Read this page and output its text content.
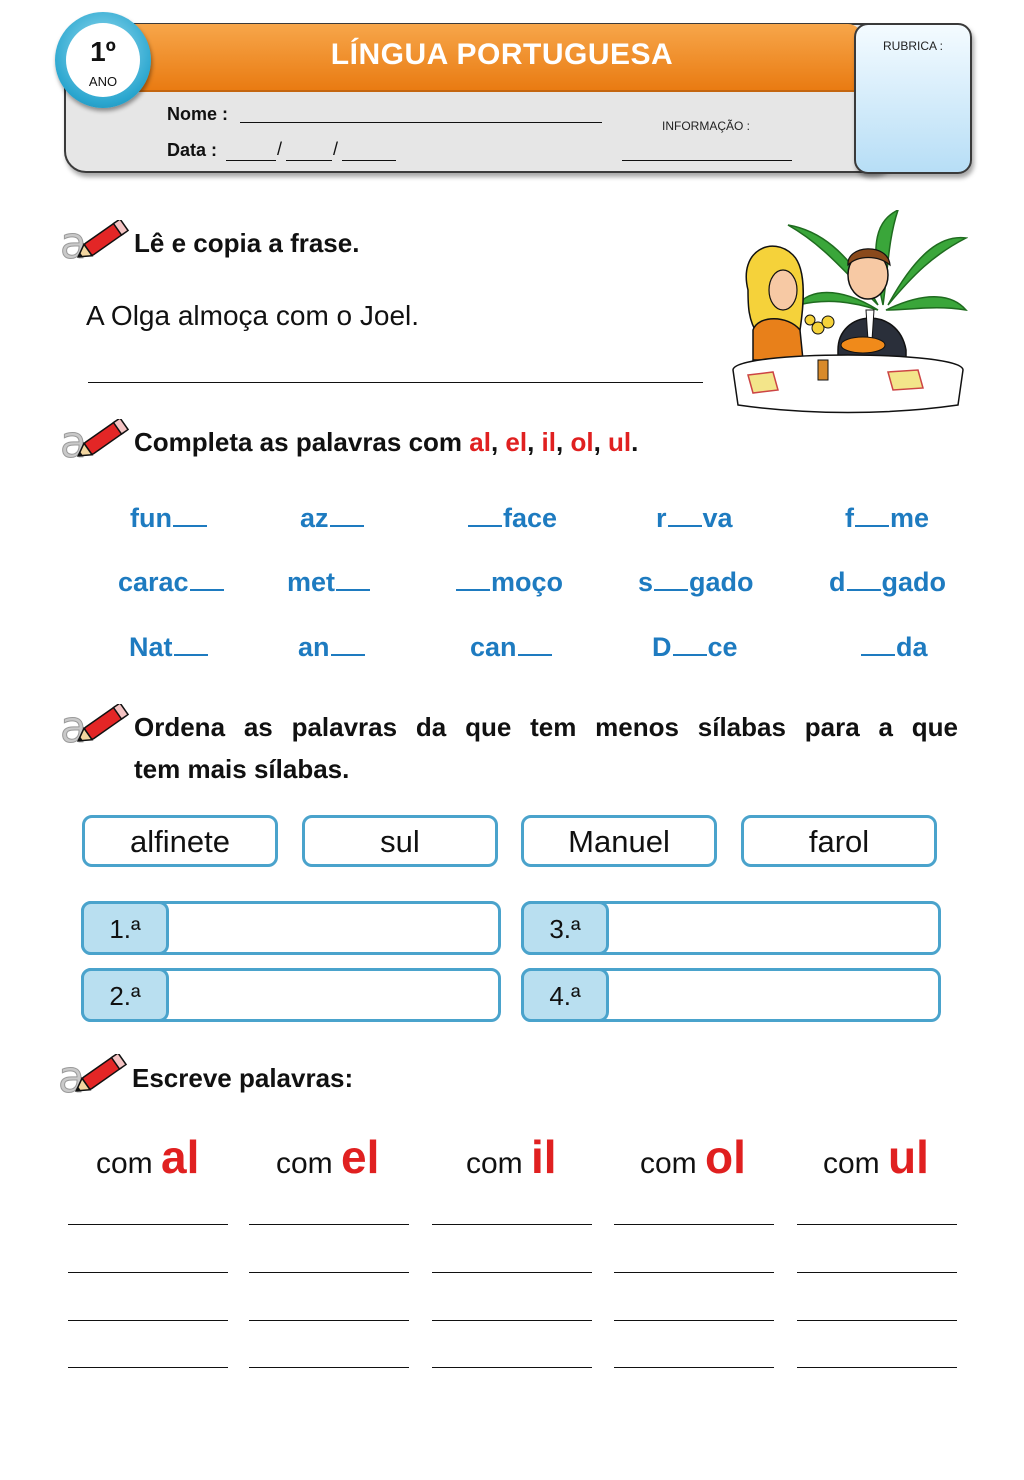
LÍNGUA PORTUGUESA
1º
ANO
Nome :
Data :	/	/
INFORMAÇÃO :
RUBRICA :
Lê e copia a frase.
A Olga almoça com o Joel.
Completa as palavras com al, el, il, ol, ul.
fun	az	face	r va	f me
carac	met	moço	s gado	d gado
Nat	an	can	D ce	da
Ordena as palavras da que tem menos sílabas para a que
tem mais sílabas.
alfinete	sul	Manuel	farol
1.ª	3.ª
2.ª	4.ª
Escreve palavras:
com al	com el	com il	com ol	com ul
